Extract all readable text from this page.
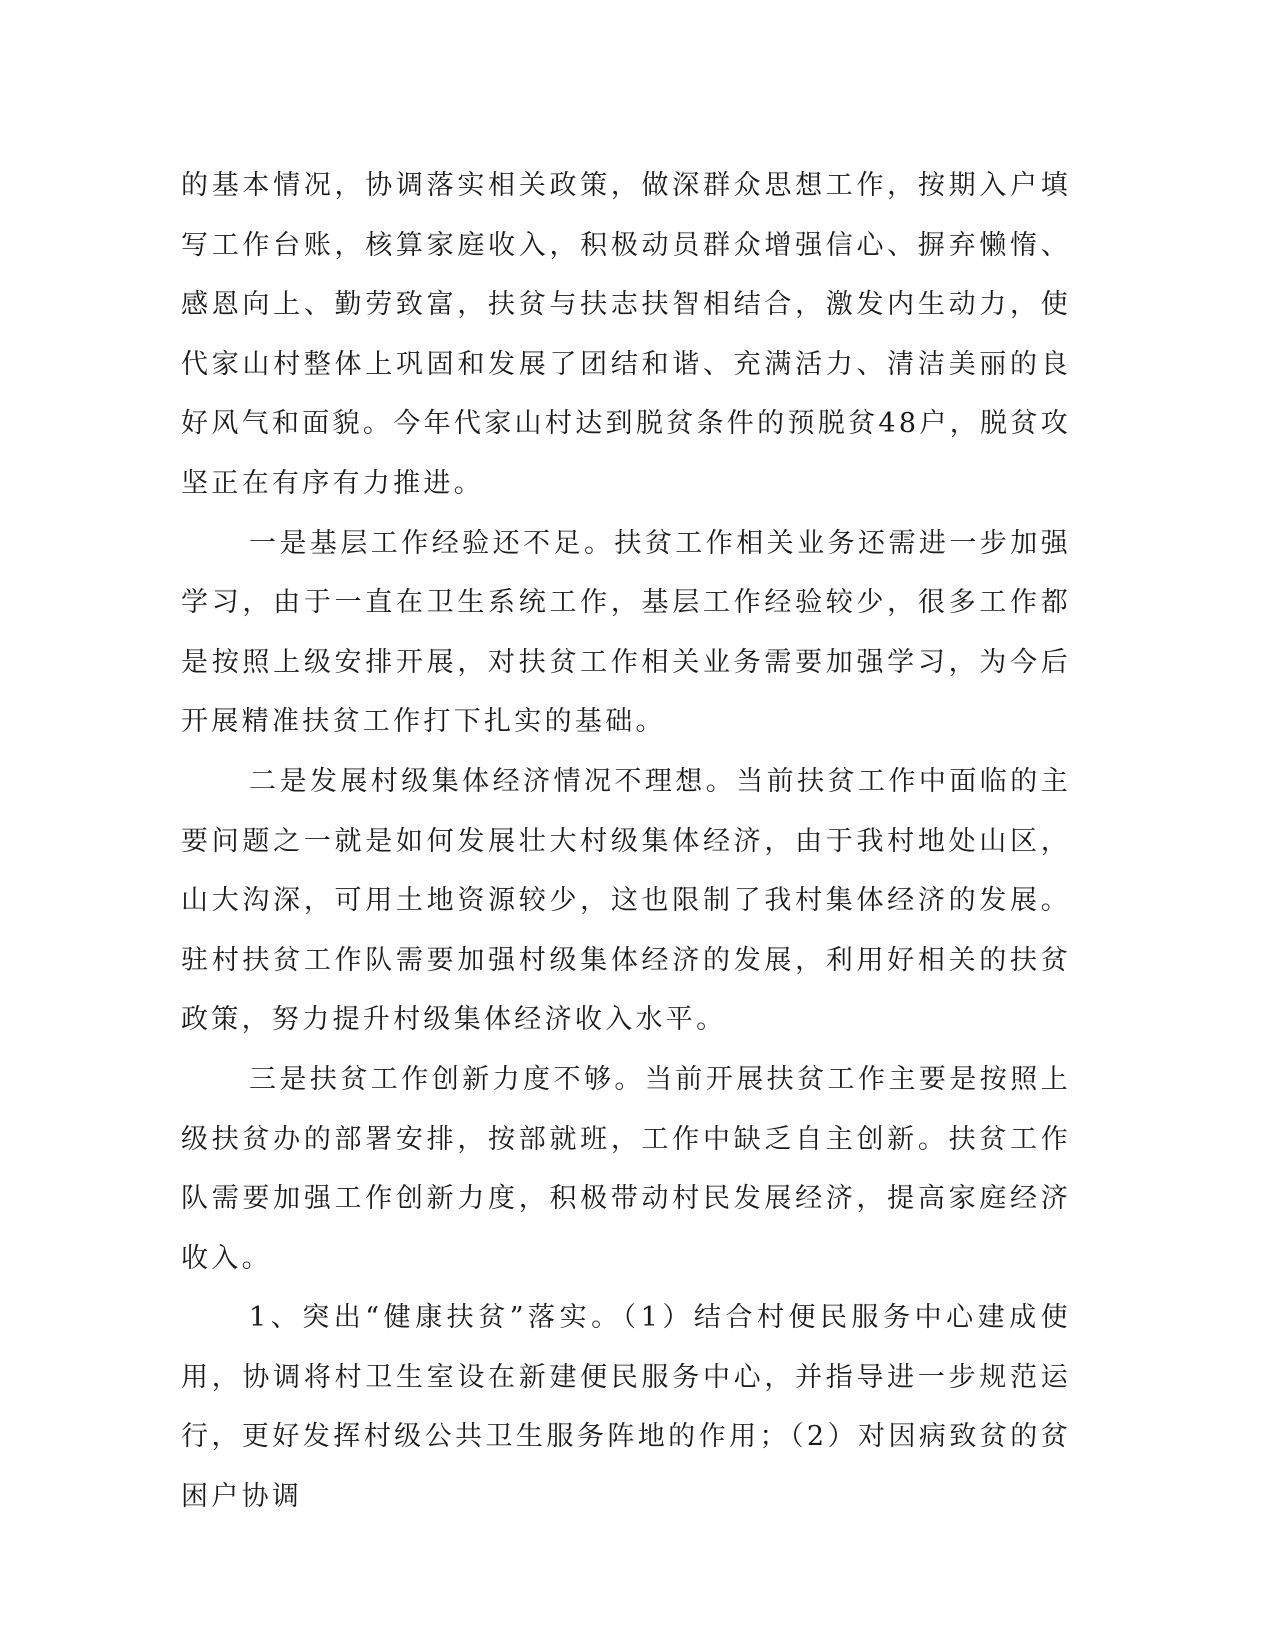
的基本情况，协调落实相关政策，做深群众思想工作，按期入户填写工作台账，核算家庭收入，积极动员群众增强信心、摒弃懒惰、感恩向上、勤劳致富，扶贫与扶志扶智相结合，激发内生动力，使代家山村整体上巩固和发展了团结和谐、充满活力、清洁美丽的良好风气和面貌。今年代家山村达到脱贫条件的预脱贫48户，脱贫攻坚正在有序有力推进。

一是基层工作经验还不足。扶贫工作相关业务还需进一步加强学习，由于一直在卫生系统工作，基层工作经验较少，很多工作都是按照上级安排开展，对扶贫工作相关业务需要加强学习，为今后开展精准扶贫工作打下扎实的基础。

二是发展村级集体经济情况不理想。当前扶贫工作中面临的主要问题之一就是如何发展壮大村级集体经济，由于我村地处山区，山大沟深，可用土地资源较少，这也限制了我村集体经济的发展。驻村扶贫工作队需要加强村级集体经济的发展，利用好相关的扶贫政策，努力提升村级集体经济收入水平。

三是扶贫工作创新力度不够。当前开展扶贫工作主要是按照上级扶贫办的部署安排，按部就班，工作中缺乏自主创新。扶贫工作队需要加强工作创新力度，积极带动村民发展经济，提高家庭经济收入。

1、突出“健康扶贫”落实。（1）结合村便民服务中心建成使用，协调将村卫生室设在新建便民服务中心，并指导进一步规范运行，更好发挥村级公共卫生服务阵地的作用；（2）对因病致贫的贫困户协调
